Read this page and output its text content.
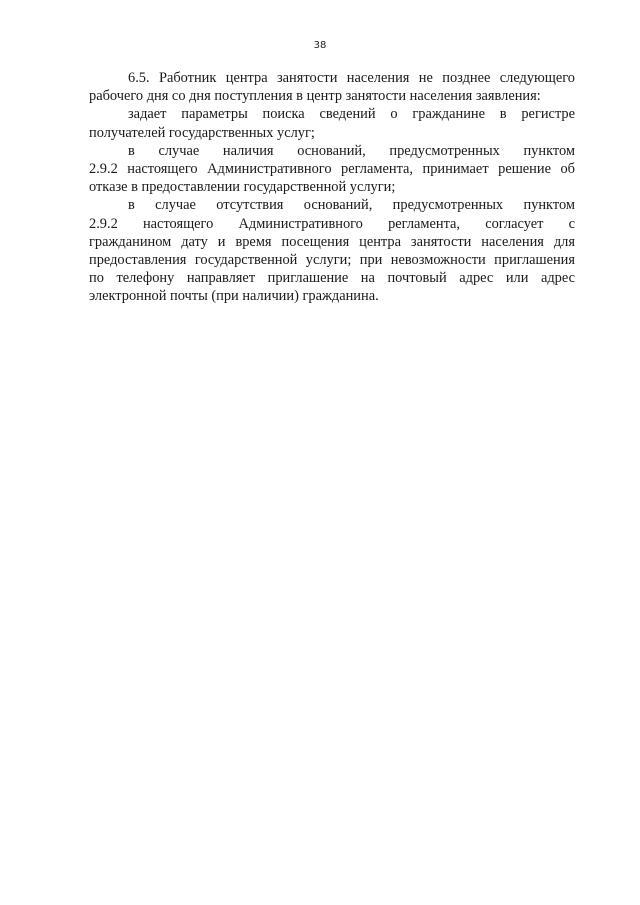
38

6.5. Работник центра занятости населения не позднее следующего
рабочего дня со дня поступления в центр занятости населения заявления:

задает параметры поиска сведений о гражданине в регистре
получателей государственных услуг;

в случае наличия оснований, предусмотренных пунктом
2.9.2 настоящего Административного регламента, принимает решение об
отказе в предоставлении государственной услуги;

в случае отсутствия оснований, предусмотренных пунктом
2.9.2 настоящего Административного регламента, согласует с
гражданином дату и время посещения центра занятости населения для
предоставления государственной услуги; при невозможности приглашения
по телефону направляет приглашение на почтовый адрес или адрес
электронной почты (при наличии) гражданина.
